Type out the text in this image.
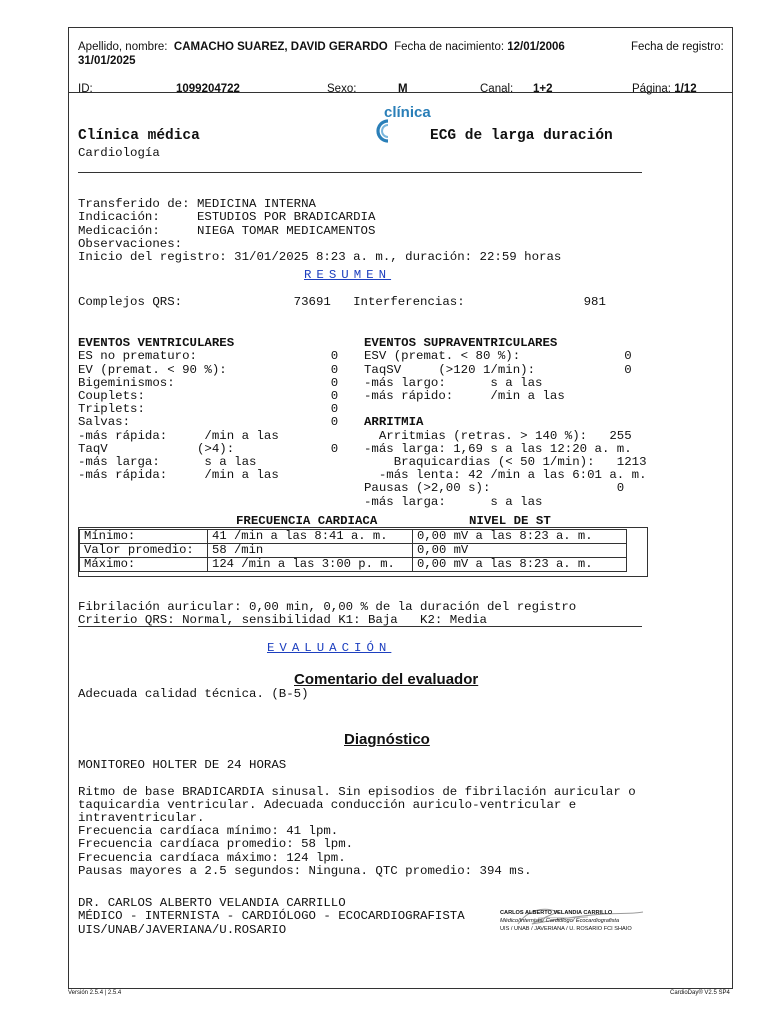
Apellido, nombre: CAMACHO SUAREZ, DAVID GERARDO Fecha de nacimiento: 12/01/2006	Fecha de registro:
31/01/2025
ID:	1099204722	Sexo:	M	Canal: 1+2	Página: 1/12

clínica

Clínica médica	ECG de larga duración
Cardiología

Transferido de: MEDICINA INTERNA
Indicación:     ESTUDIOS POR BRADICARDIA
Medicación:     NIEGA TOMAR MEDICAMENTOS
Observaciones:
Inicio del registro: 31/01/2025 8:23 a. m., duración: 22:59 horas
RESUMEN
Complejos QRS:               73691   Interferencias:                981

EVENTOS VENTRICULARES
ES no prematuro:                  0
EV (premat. < 90 %):              0
Bigeminismos:                     0
Couplets:                         0
Triplets:                         0
Salvas:                           0
-más rápida:     /min a las
TaqV            (>4):             0
-más larga:      s a las
-más rápida:     /min a las

EVENTOS SUPRAVENTRICULARES
ESV (premat. < 80 %):              0
TaqSV     (>120 1/min):            0
-más largo:      s a las
-más rápido:     /min a las

ARRITMIA
Arritmias (retras. > 140 %):   255
-más larga: 1,69 s a las 12:20 a. m.
Braquicardias (< 50 1/min):   1213
-más lenta: 42 /min a las 6:01 a. m.
Pausas (>2,00 s):                 0
-más larga:      s a las
FRECUENCIA CARDIACA	NIVEL DE ST
Mínimo:	41 /min a las 8:41 a. m.	0,00 mV a las 8:23 a. m.
Valor promedio:	58 /min	0,00 mV
Máximo:	124 /min a las 3:00 p. m.	0,00 mV a las 8:23 a. m.

Fibrilación auricular: 0,00 min, 0,00 % de la duración del registro
Criterio QRS: Normal, sensibilidad K1: Baja   K2: Media
EVALUACIÓN
Comentario del evaluador
Adecuada calidad técnica. (B-5)
Diagnóstico

MONITOREO HOLTER DE 24 HORAS

Ritmo de base BRADICARDIA sinusal. Sin episodios de fibrilación auricular o
taquicardia ventricular. Adecuada conducción auriculo-ventricular e
intraventricular.
Frecuencia cardíaca mínimo: 41 lpm.
Frecuencia cardíaca promedio: 58 lpm.
Frecuencia cardíaca máximo: 124 lpm.
Pausas mayores a 2.5 segundos: Ninguna. QTC promedio: 394 ms.

DR. CARLOS ALBERTO VELANDIA CARRILLO
MÉDICO - INTERNISTA - CARDIÓLOGO - ECOCARDIOGRAFISTA
UIS/UNAB/JAVERIANA/U.ROSARIO

CARLOS ALBERTO VELANDIA CARRILLO

Médico/Internista/ Cardiólogo/ Ecocardiografista

UIS / UNAB / JAVERIANA / U. ROSARIO FCI SHAIO

Versión 2.5.4 | 2.5.4	CardioDay® V2.5 SP4
